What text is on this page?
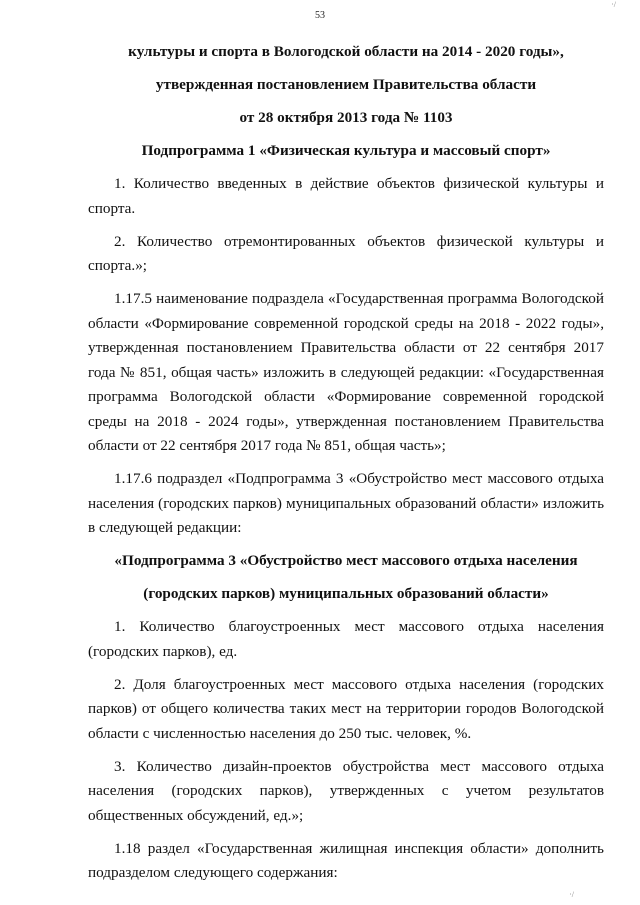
·/
53
культуры и спорта в Вологодской области на 2014 - 2020 годы»,
утвержденная постановлением Правительства области
от 28 октября 2013 года № 1103
Подпрограмма 1 «Физическая культура и массовый спорт»
1. Количество введенных в действие объектов физической культуры и спорта.
2. Количество отремонтированных объектов физической культуры и спорта.»;
1.17.5 наименование подраздела «Государственная программа Вологодской области «Формирование современной городской среды на 2018 - 2022 годы», утвержденная постановлением Правительства области от 22 сентября 2017 года № 851, общая часть» изложить в следующей редакции: «Государственная программа Вологодской области «Формирование современной городской среды на 2018 - 2024 годы», утвержденная постановлением Правительства области от 22 сентября 2017 года № 851, общая часть»;
1.17.6 подраздел «Подпрограмма 3 «Обустройство мест массового отдыха населения (городских парков) муниципальных образований области» изложить в следующей редакции:
«Подпрограмма 3 «Обустройство мест массового отдыха населения
(городских парков) муниципальных образований области»
1. Количество благоустроенных мест массового отдыха населения (городских парков), ед.
2. Доля благоустроенных мест массового отдыха населения (городских парков) от общего количества таких мест на территории городов Вологодской области с численностью населения до 250 тыс. человек, %.
3. Количество дизайн-проектов обустройства мест массового отдыха населения (городских парков), утвержденных с учетом результатов общественных обсуждений, ед.»;
1.18 раздел «Государственная жилищная инспекция области» дополнить подразделом следующего содержания:
·/
